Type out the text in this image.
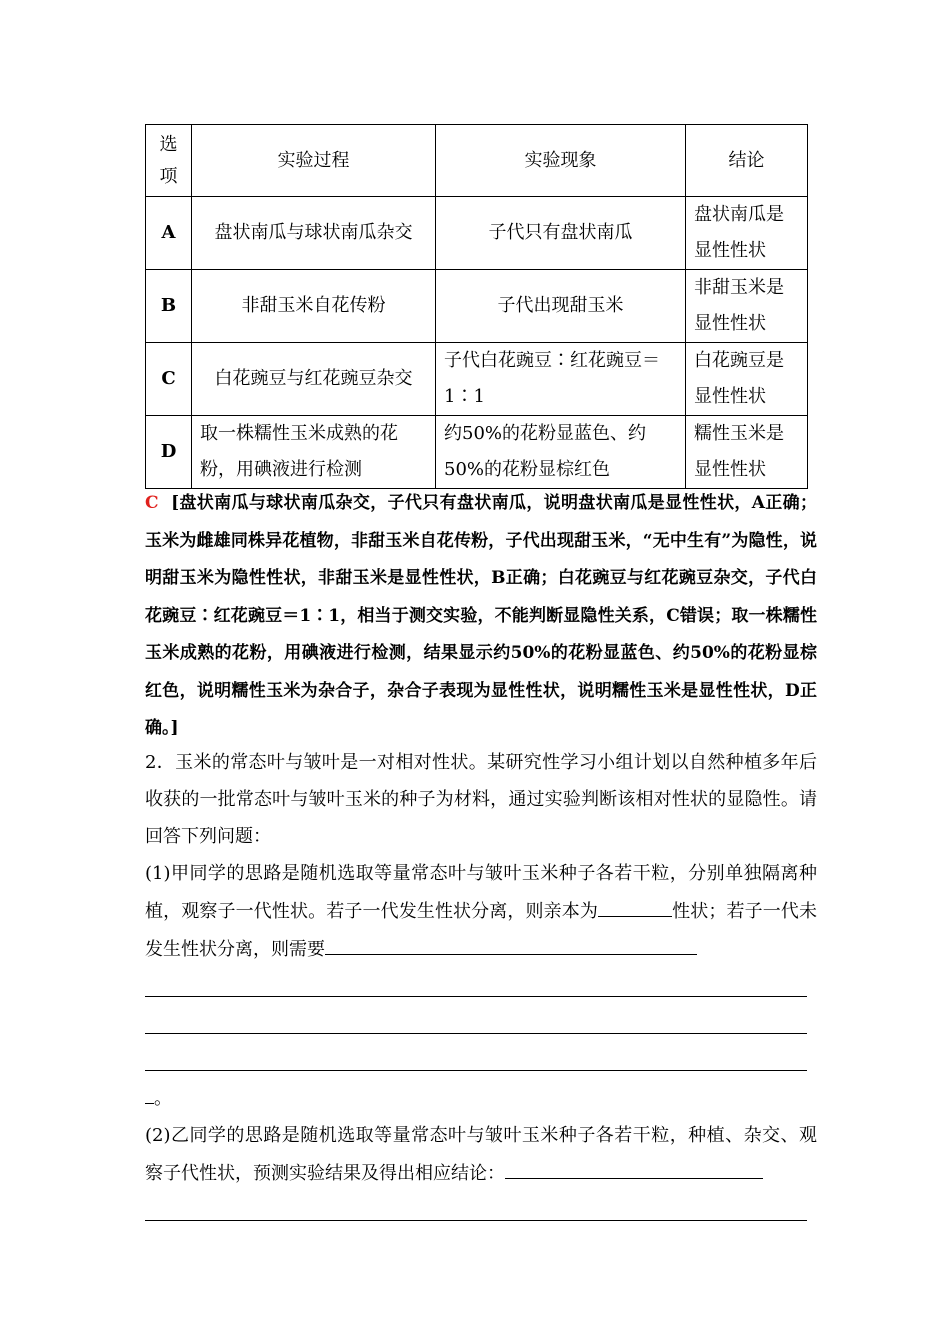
选项	实验过程	实验现象	结论
A	盘状南瓜与球状南瓜杂交	子代只有盘状南瓜	盘状南瓜是显性性状
B	非甜玉米自花传粉	子代出现甜玉米	非甜玉米是显性性状
C	白花豌豆与红花豌豆杂交	子代白花豌豆∶红花豌豆＝1∶1	白花豌豆是显性性状
D	取一株糯性玉米成熟的花粉，用碘液进行检测	约50%的花粉显蓝色、约50%的花粉显棕红色	糯性玉米是显性性状
C [盘状南瓜与球状南瓜杂交，子代只有盘状南瓜，说明盘状南瓜是显性性状，A正确；玉米为雌雄同株异花植物，非甜玉米自花传粉，子代出现甜玉米，“无中生有”为隐性，说明甜玉米为隐性性状，非甜玉米是显性性状，B正确；白花豌豆与红花豌豆杂交，子代白花豌豆∶红花豌豆＝1∶1，相当于测交实验，不能判断显隐性关系，C错误；取一株糯性玉米成熟的花粉，用碘液进行检测，结果显示约50%的花粉显蓝色、约50%的花粉显棕红色，说明糯性玉米为杂合子，杂合子表现为显性性状，说明糯性玉米是显性性状，D正确。]
2．玉米的常态叶与皱叶是一对相对性状。某研究性学习小组计划以自然种植多年后收获的一批常态叶与皱叶玉米的种子为材料，通过实验判断该相对性状的显隐性。请回答下列问题：
(1)甲同学的思路是随机选取等量常态叶与皱叶玉米种子各若干粒，分别单独隔离种植，观察子一代性状。若子一代发生性状分离，则亲本为	性状；若子一代未发生性状分离，则需要
。
(2)乙同学的思路是随机选取等量常态叶与皱叶玉米种子各若干粒，种植、杂交、观察子代性状，预测实验结果及得出相应结论：
